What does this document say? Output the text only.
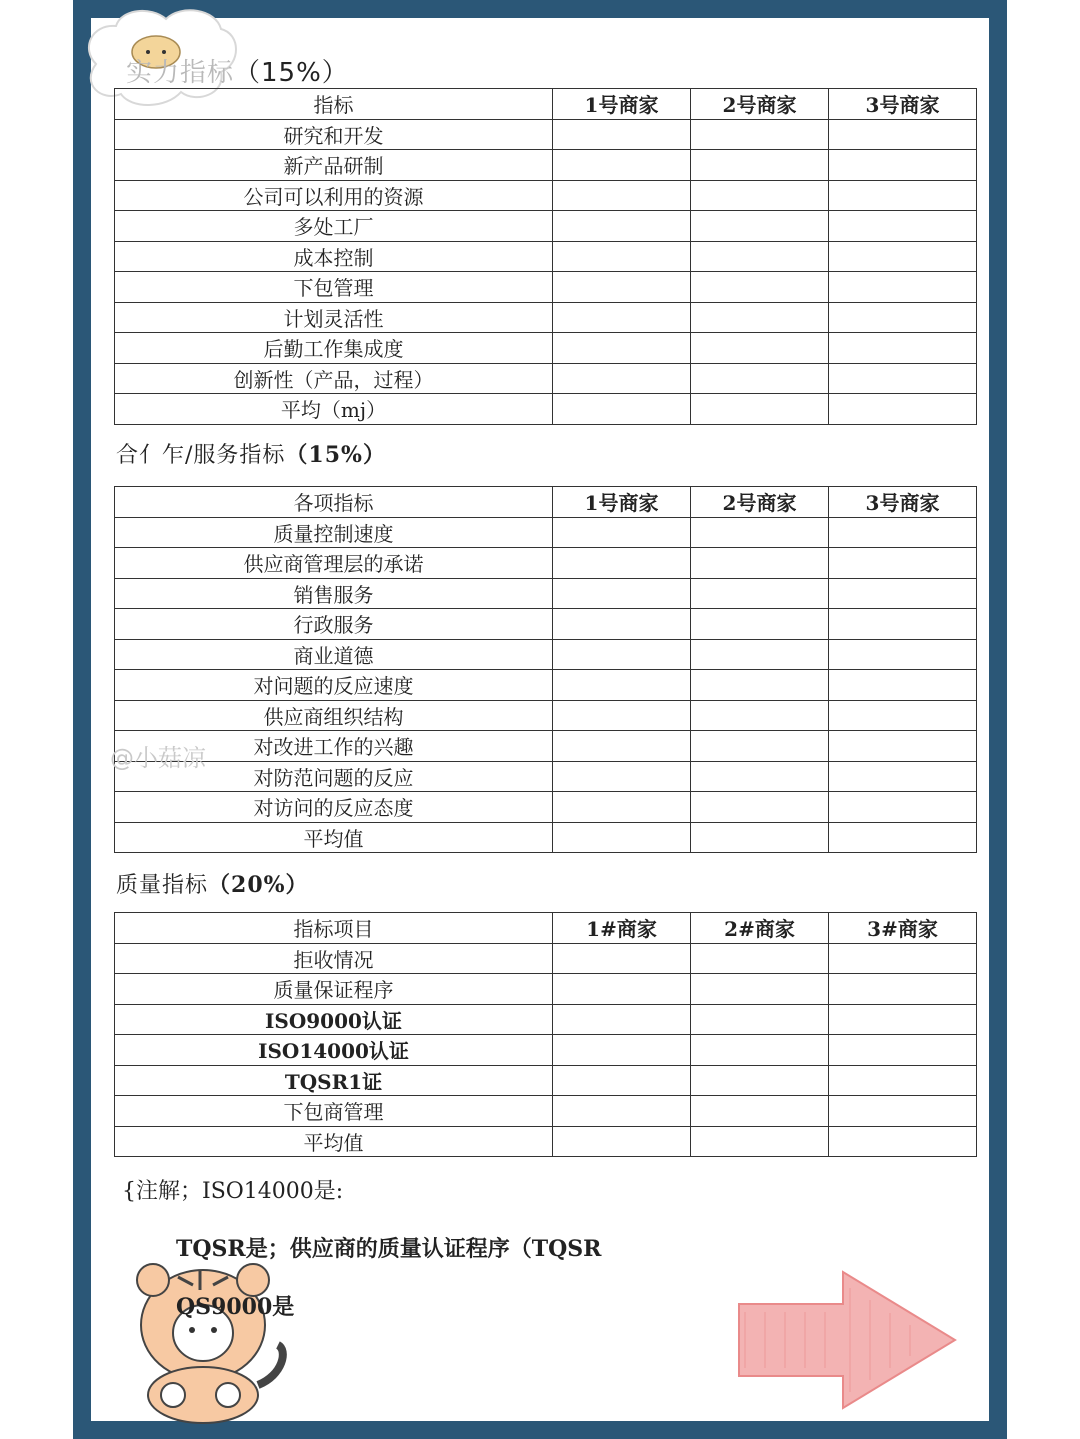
实力指标（15%）
指标	1号商家	2号商家	3号商家
研究和开发			
新产品研制			
公司可以利用的资源			
多处工厂			
成本控制			
下包管理			
计划灵活性			
后勤工作集成度			
创新性（产品，过程）			
平均（mj）			
合亻乍/服务指标（15%）
各项指标	1号商家	2号商家	3号商家
质量控制速度			
供应商管理层的承诺			
销售服务			
行政服务			
商业道德			
对问题的反应速度			
供应商组织结构			
对改进工作的兴趣			
对防范问题的反应			
对访问的反应态度			
平均值			
@小菇凉
质量指标（20%）
指标项目	1#商家	2#商家	3#商家
拒收情况			
质量保证程序			
ISO9000认证			
ISO14000认证			
TQSR1证			
下包商管理			
平均值			
{注解；ISO14000是:
TQSR是；供应商的质量认证程序（TQSR
QS9000是
